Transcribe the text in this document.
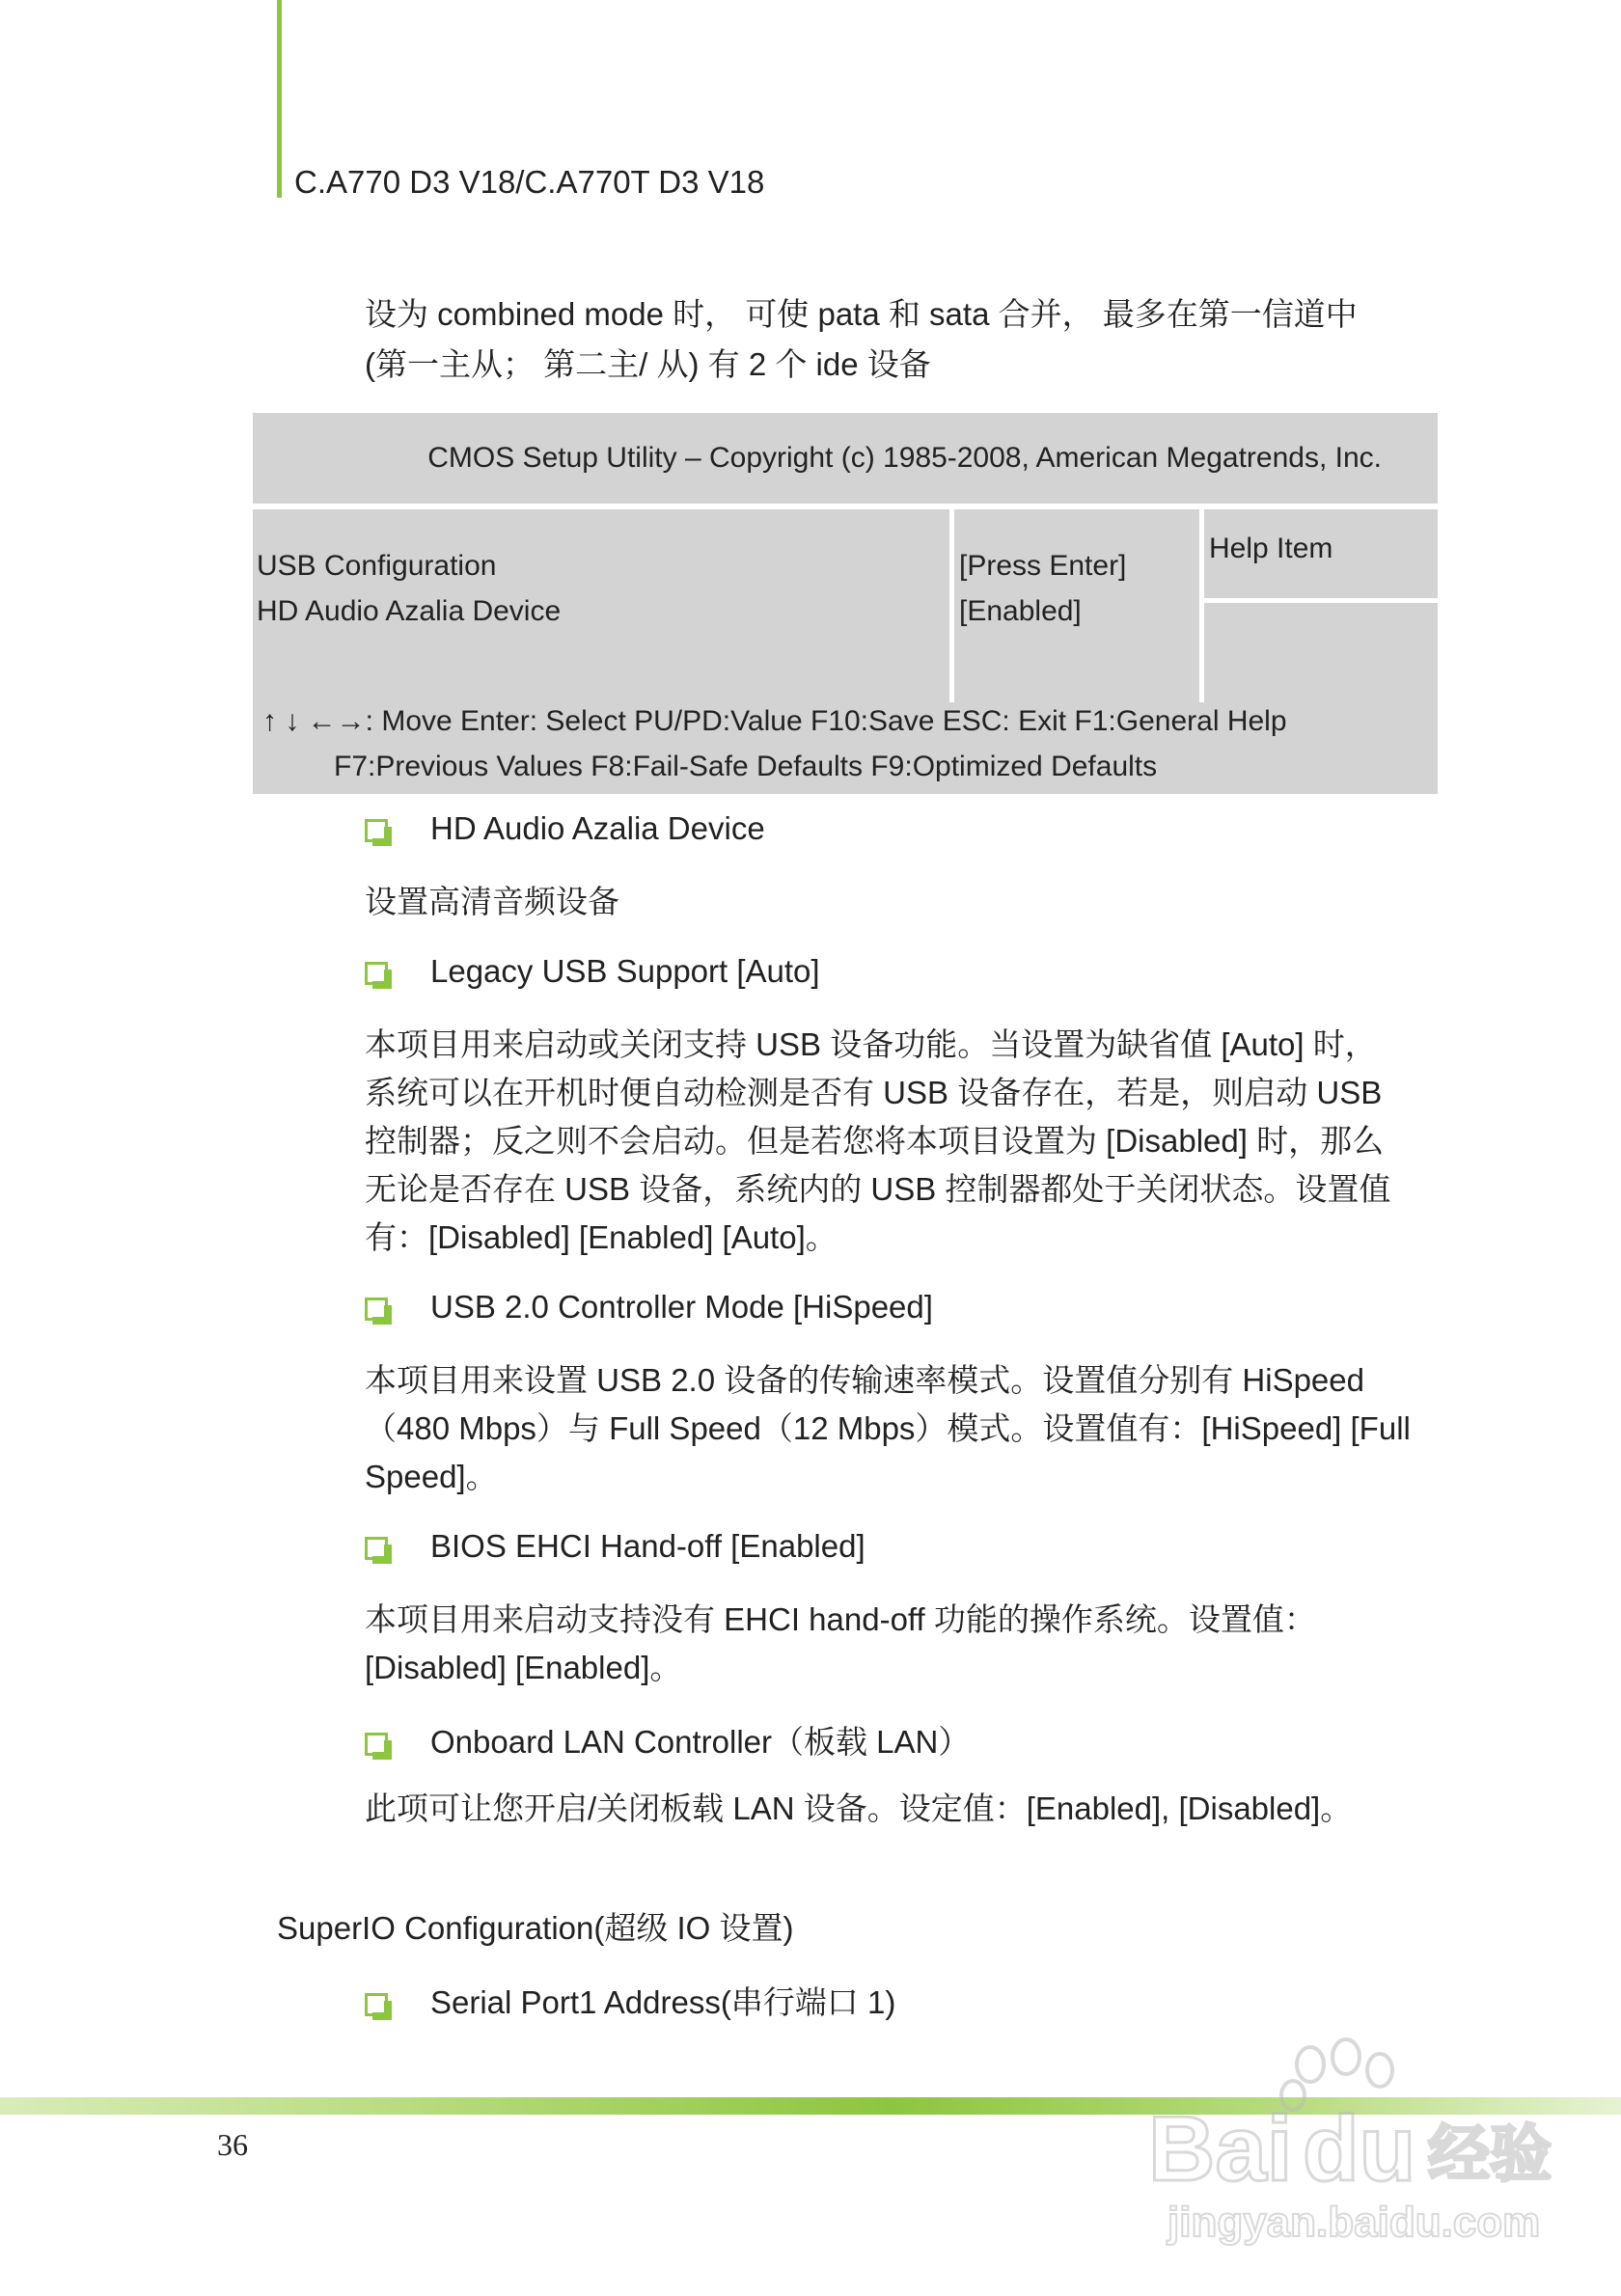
C.A770 D3 V18/C.A770T D3 V18

设为 combined mode 时， 可使 pata 和 sata 合并， 最多在第一信道中

(第一主从； 第二主/ 从) 有 2 个 ide 设备

CMOS Setup Utility – Copyright (c) 1985-2008, American Megatrends, Inc.
USB Configuration
HD Audio Azalia Device
[Press Enter]
[Enabled]
Help Item
↑ ↓ ←→: Move Enter: Select PU/PD:Value F10:Save ESC: Exit F1:General Help
F7:Previous Values F8:Fail-Safe Defaults F9:Optimized Defaults
HD Audio Azalia Device

设置高清音频设备

Legacy USB Support [Auto]

本项目用来启动或关闭支持 USB 设备功能。当设置为缺省值 [Auto] 时，

系统可以在开机时便自动检测是否有 USB 设备存在，若是，则启动 USB

控制器；反之则不会启动。但是若您将本项目设置为 [Disabled] 时，那么

无论是否存在 USB 设备，系统内的 USB 控制器都处于关闭状态。设置值

有：[Disabled] [Enabled] [Auto]。

USB 2.0 Controller Mode [HiSpeed]

本项目用来设置 USB 2.0 设备的传输速率模式。设置值分别有 HiSpeed

（480 Mbps）与 Full Speed（12 Mbps）模式。设置值有：[HiSpeed] [Full

Speed]。

BIOS EHCI Hand-off [Enabled]

本项目用来启动支持没有 EHCI hand-off 功能的操作系统。设置值：

[Disabled] [Enabled]。

Onboard LAN Controller（板载 LAN）

此项可让您开启/关闭板载 LAN 设备。设定值：[Enabled], [Disabled]。

SuperIO Configuration(超级 IO 设置)
Serial Port1 Address(串行端口 1)
36	Bai du 经验
jingyan.baidu.com
